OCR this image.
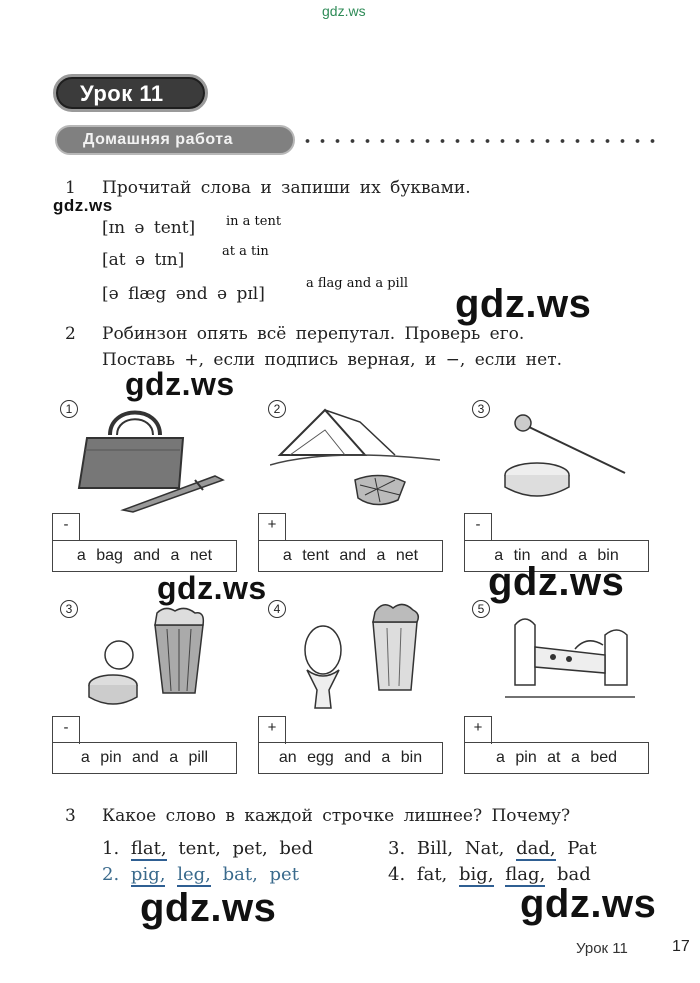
gdz.ws
Урок 11
Домашняя работа
1 Прочитай слова и запиши их буквами.
gdz.ws
[ɪn ə tent] in a tent
[at ə tɪn]	at a tin
[ə flæg ənd ə pɪl]
a flag and a pill gdz.ws
2 Робинзон опять всё перепутал. Проверь его.
Поставь +, если подпись верная, и −, если нет.
gdz.ws
1	2	3
-
a bag and a net
+
a tent and a net
-
a tin and a bin
gdz.ws	gdz.ws
3	4	5
-
a pin and a pill
+
an egg and a bin
+
a pin at a bed
3 Какое слово в каждой строчке лишнее? Почему?
1. flat, tent, pet, bed
2. pig, leg, bat, pet
3. Bill, Nat, dad, Pat
4. fat, big, flag, bad
gdz.ws	gdz.ws
Урок 11	17
